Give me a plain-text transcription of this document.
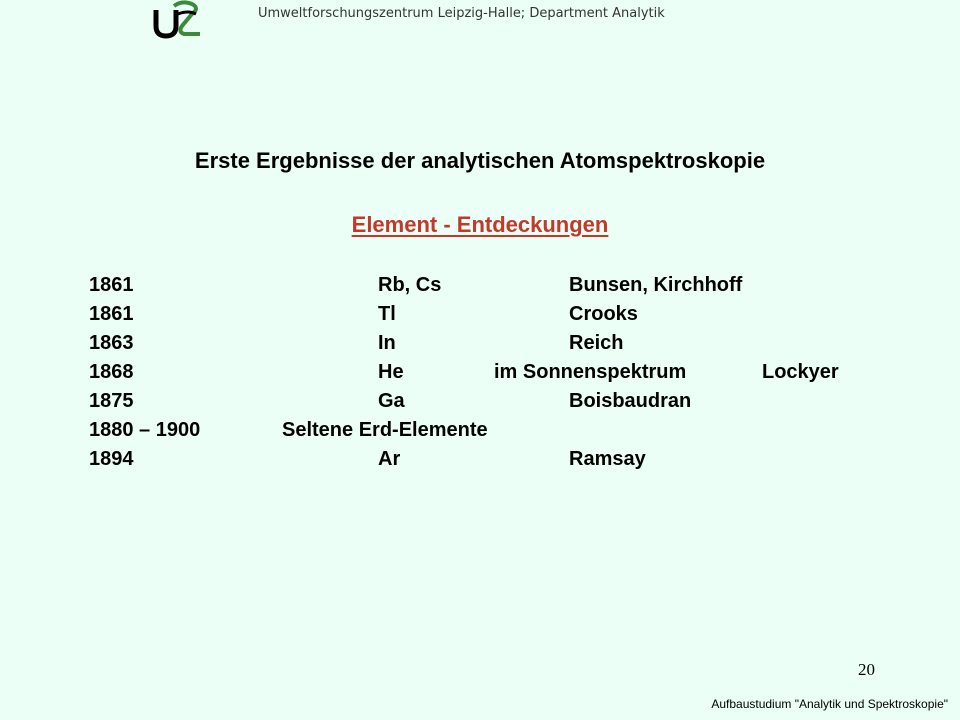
Umweltforschungszentrum Leipzig-Halle; Department Analytik
Erste Ergebnisse der analytischen Atomspektroskopie
Element - Entdeckungen
1861	Rb, Cs	Bunsen, Kirchhoff
1861	Tl	Crooks
1863	In	Reich
1868	He	im Sonnenspektrum	Lockyer
1875	Ga	Boisbaudran
1880 – 1900	Seltene Erd-Elemente
1894	Ar	Ramsay
20
Aufbaustudium "Analytik und Spektroskopie"
